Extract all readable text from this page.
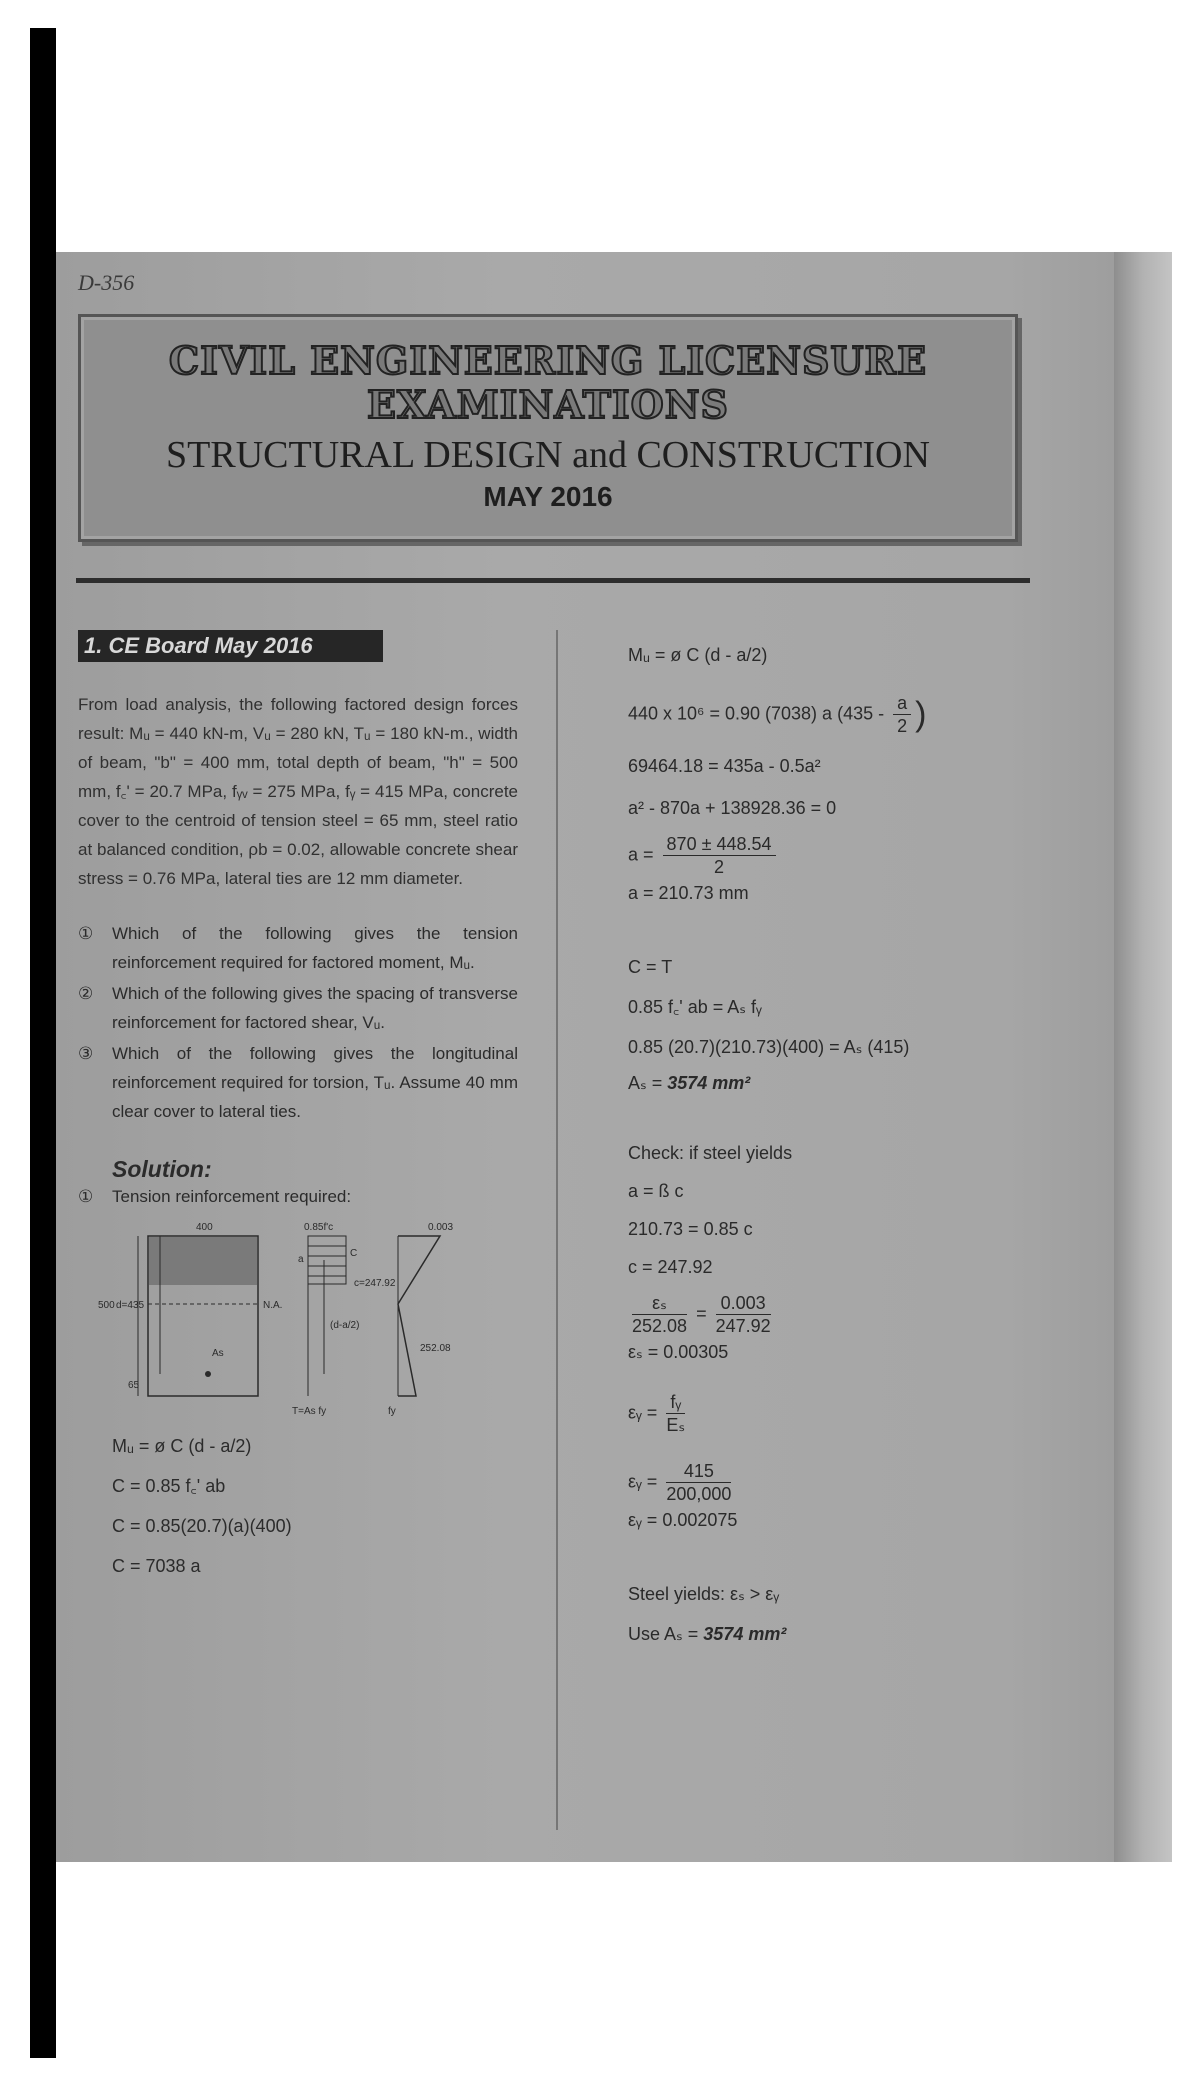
D-356
CIVIL ENGINEERING LICENSURE EXAMINATIONS
STRUCTURAL DESIGN and CONSTRUCTION
MAY 2016
1. CE Board May 2016
From load analysis, the following factored design forces result: Mᵤ = 440 kN-m, Vᵤ = 280 kN, Tᵤ = 180 kN-m., width of beam, "b" = 400 mm, total depth of beam, "h" = 500 mm, f꜀' = 20.7 MPa, fᵧᵥ = 275 MPa, fᵧ = 415 MPa, concrete cover to the centroid of tension steel = 65 mm, steel ratio at balanced condition, ρb = 0.02, allowable concrete shear stress = 0.76 MPa, lateral ties are 12 mm diameter.
① Which of the following gives the tension reinforcement required for factored moment, Mᵤ.
② Which of the following gives the spacing of transverse reinforcement for factored shear, Vᵤ.
③ Which of the following gives the longitudinal reinforcement required for torsion, Tᵤ. Assume 40 mm clear cover to lateral ties.
Solution:
① Tension reinforcement required:
400
500 d=435
65
As
N.A.
0.85f'c
C
a
(d-a/2)
T=As fy
0.003
c=247.92
252.08
fy
Mᵤ = ø C (d - a/2)
C = 0.85 f꜀' ab
C = 0.85(20.7)(a)(400)
C = 7038 a
Mᵤ = ø C (d - a/2)
440 x 10⁶ = 0.90 (7038) a ($435 - \frac{a}{2}$ )
69464.18 = 435a - 0.5a²
a² - 870a + 138928.36 = 0
$a = \frac{870 \pm 448.54}{2}$
a = 210.73 mm
C = T
0.85 f꜀' ab = Aₛ fᵧ
0.85 (20.7)(210.73)(400) = Aₛ (415)
Aₛ = 3574 mm²
Check: if steel yields
a = ß c
210.73 = 0.85 c
c = 247.92
$\frac{\text{εₛ}}{252.08} = \frac{0.003}{247.92}$
εₛ = 0.00305
εᵧ = $\frac{\text{fᵧ}}{\text{Eₛ}}$
εᵧ = $\frac{415}{200,000}$
εᵧ = 0.002075
Steel yields: εₛ > εᵧ
Use Aₛ = 3574 mm²
